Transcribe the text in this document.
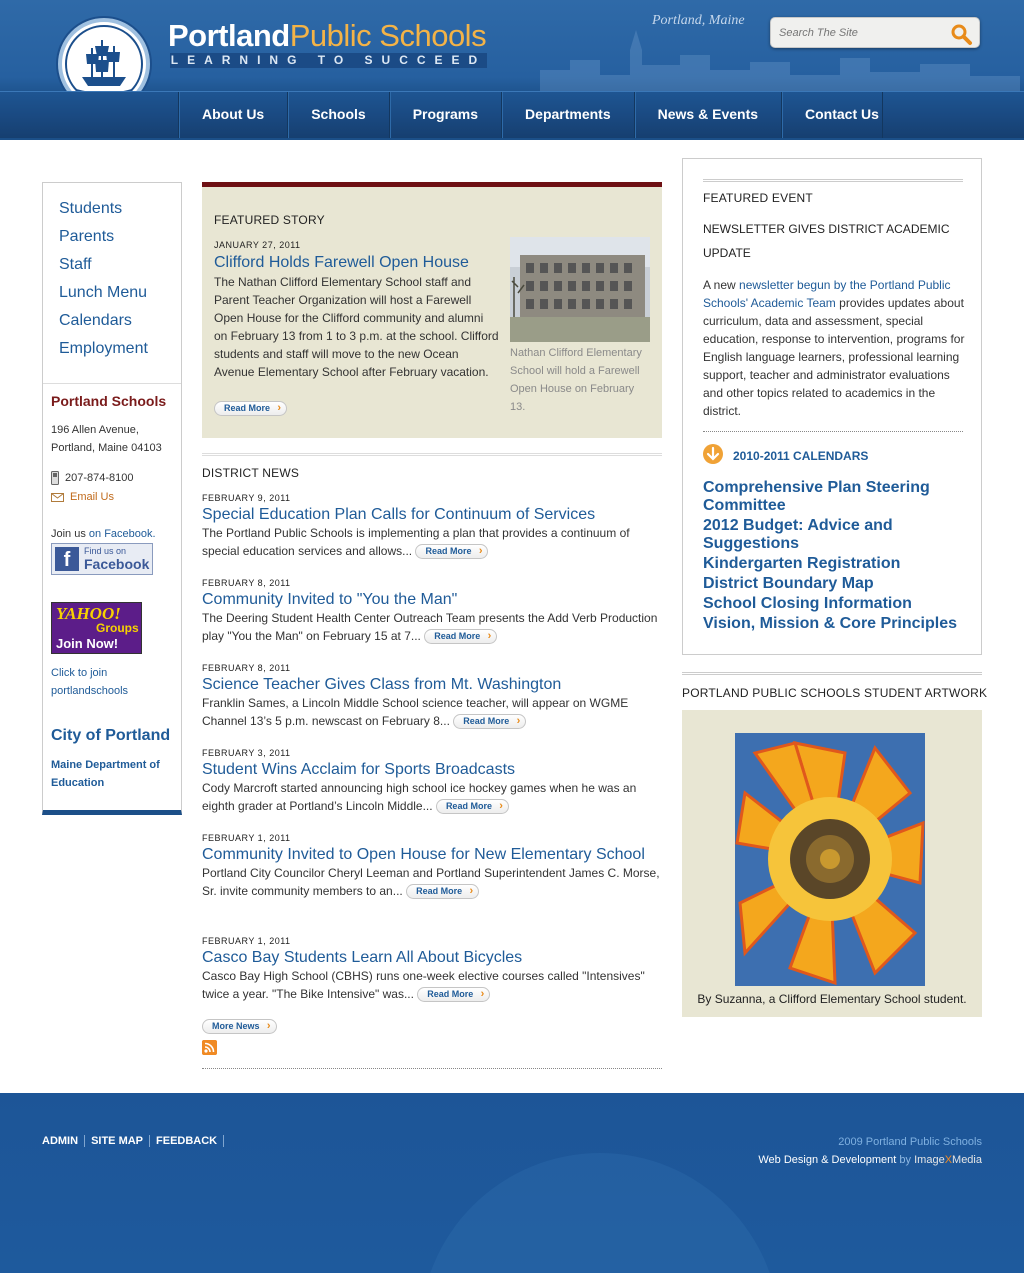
PortlandPublic Schools
LEARNING TO SUCCEED
Portland, Maine
Search The Site
About Us	Schools	Programs	Departments	News & Events	Contact Us
Students
Parents
Staff
Lunch Menu
Calendars
Employment
Portland Schools
196 Allen Avenue,
Portland, Maine 04103
207-874-8100
Email Us
Join us on Facebook.
f	Find us on
Facebook
YAHOO!
Groups
Join Now!
Click to join
portlandschools
City of Portland
Maine Department of
Education
FEATURED STORY
JANUARY 27, 2011
Clifford Holds Farewell Open House
The Nathan Clifford Elementary School staff and Parent Teacher Organization will host a Farewell Open House for the Clifford community and alumni on February 13 from 1 to 3 p.m. at the school. Clifford students and staff will move to the new Ocean Avenue Elementary School after February vacation.
Read More ›
Nathan Clifford Elementary School will hold a Farewell Open House on February 13.
DISTRICT NEWS
FEBRUARY 9, 2011
Special Education Plan Calls for Continuum of Services
The Portland Public Schools is implementing a plan that provides a continuum of special education services and allows... Read More ›
FEBRUARY 8, 2011
Community Invited to "You the Man"
The Deering Student Health Center Outreach Team presents the Add Verb Production play "You the Man" on February 15 at 7... Read More ›
FEBRUARY 8, 2011
Science Teacher Gives Class from Mt. Washington
Franklin Sames, a Lincoln Middle School science teacher, will appear on WGME Channel 13’s 5 p.m. newscast on February 8... Read More ›
FEBRUARY 3, 2011
Student Wins Acclaim for Sports Broadcasts
Cody Marcroft started announcing high school ice hockey games when he was an eighth grader at Portland’s Lincoln Middle... Read More ›
FEBRUARY 1, 2011
Community Invited to Open House for New Elementary School
Portland City Councilor Cheryl Leeman and Portland Superintendent James C. Morse, Sr. invite community members to an... Read More ›
FEBRUARY 1, 2011
Casco Bay Students Learn All About Bicycles
Casco Bay High School (CBHS) runs one-week elective courses called "Intensives" twice a year. "The Bike Intensive" was... Read More ›
More News ›
FEATURED EVENT
NEWSLETTER GIVES DISTRICT ACADEMIC UPDATE
A new newsletter begun by the Portland Public Schools' Academic Team provides updates about curriculum, data and assessment, special education, response to intervention, programs for English language learners, professional learning support, teacher and administrator evaluations and other topics related to academics in the district.
2010-2011 CALENDARS
Comprehensive Plan Steering Committee
2012 Budget: Advice and Suggestions
Kindergarten Registration
District Boundary Map
School Closing Information
Vision, Mission & Core Principles
PORTLAND PUBLIC SCHOOLS STUDENT ARTWORK
By Suzanna, a Clifford Elementary School student.
ADMIN	SITE MAP	FEEDBACK	2009 Portland Public Schools
Web Design & Development by ImageXMedia
